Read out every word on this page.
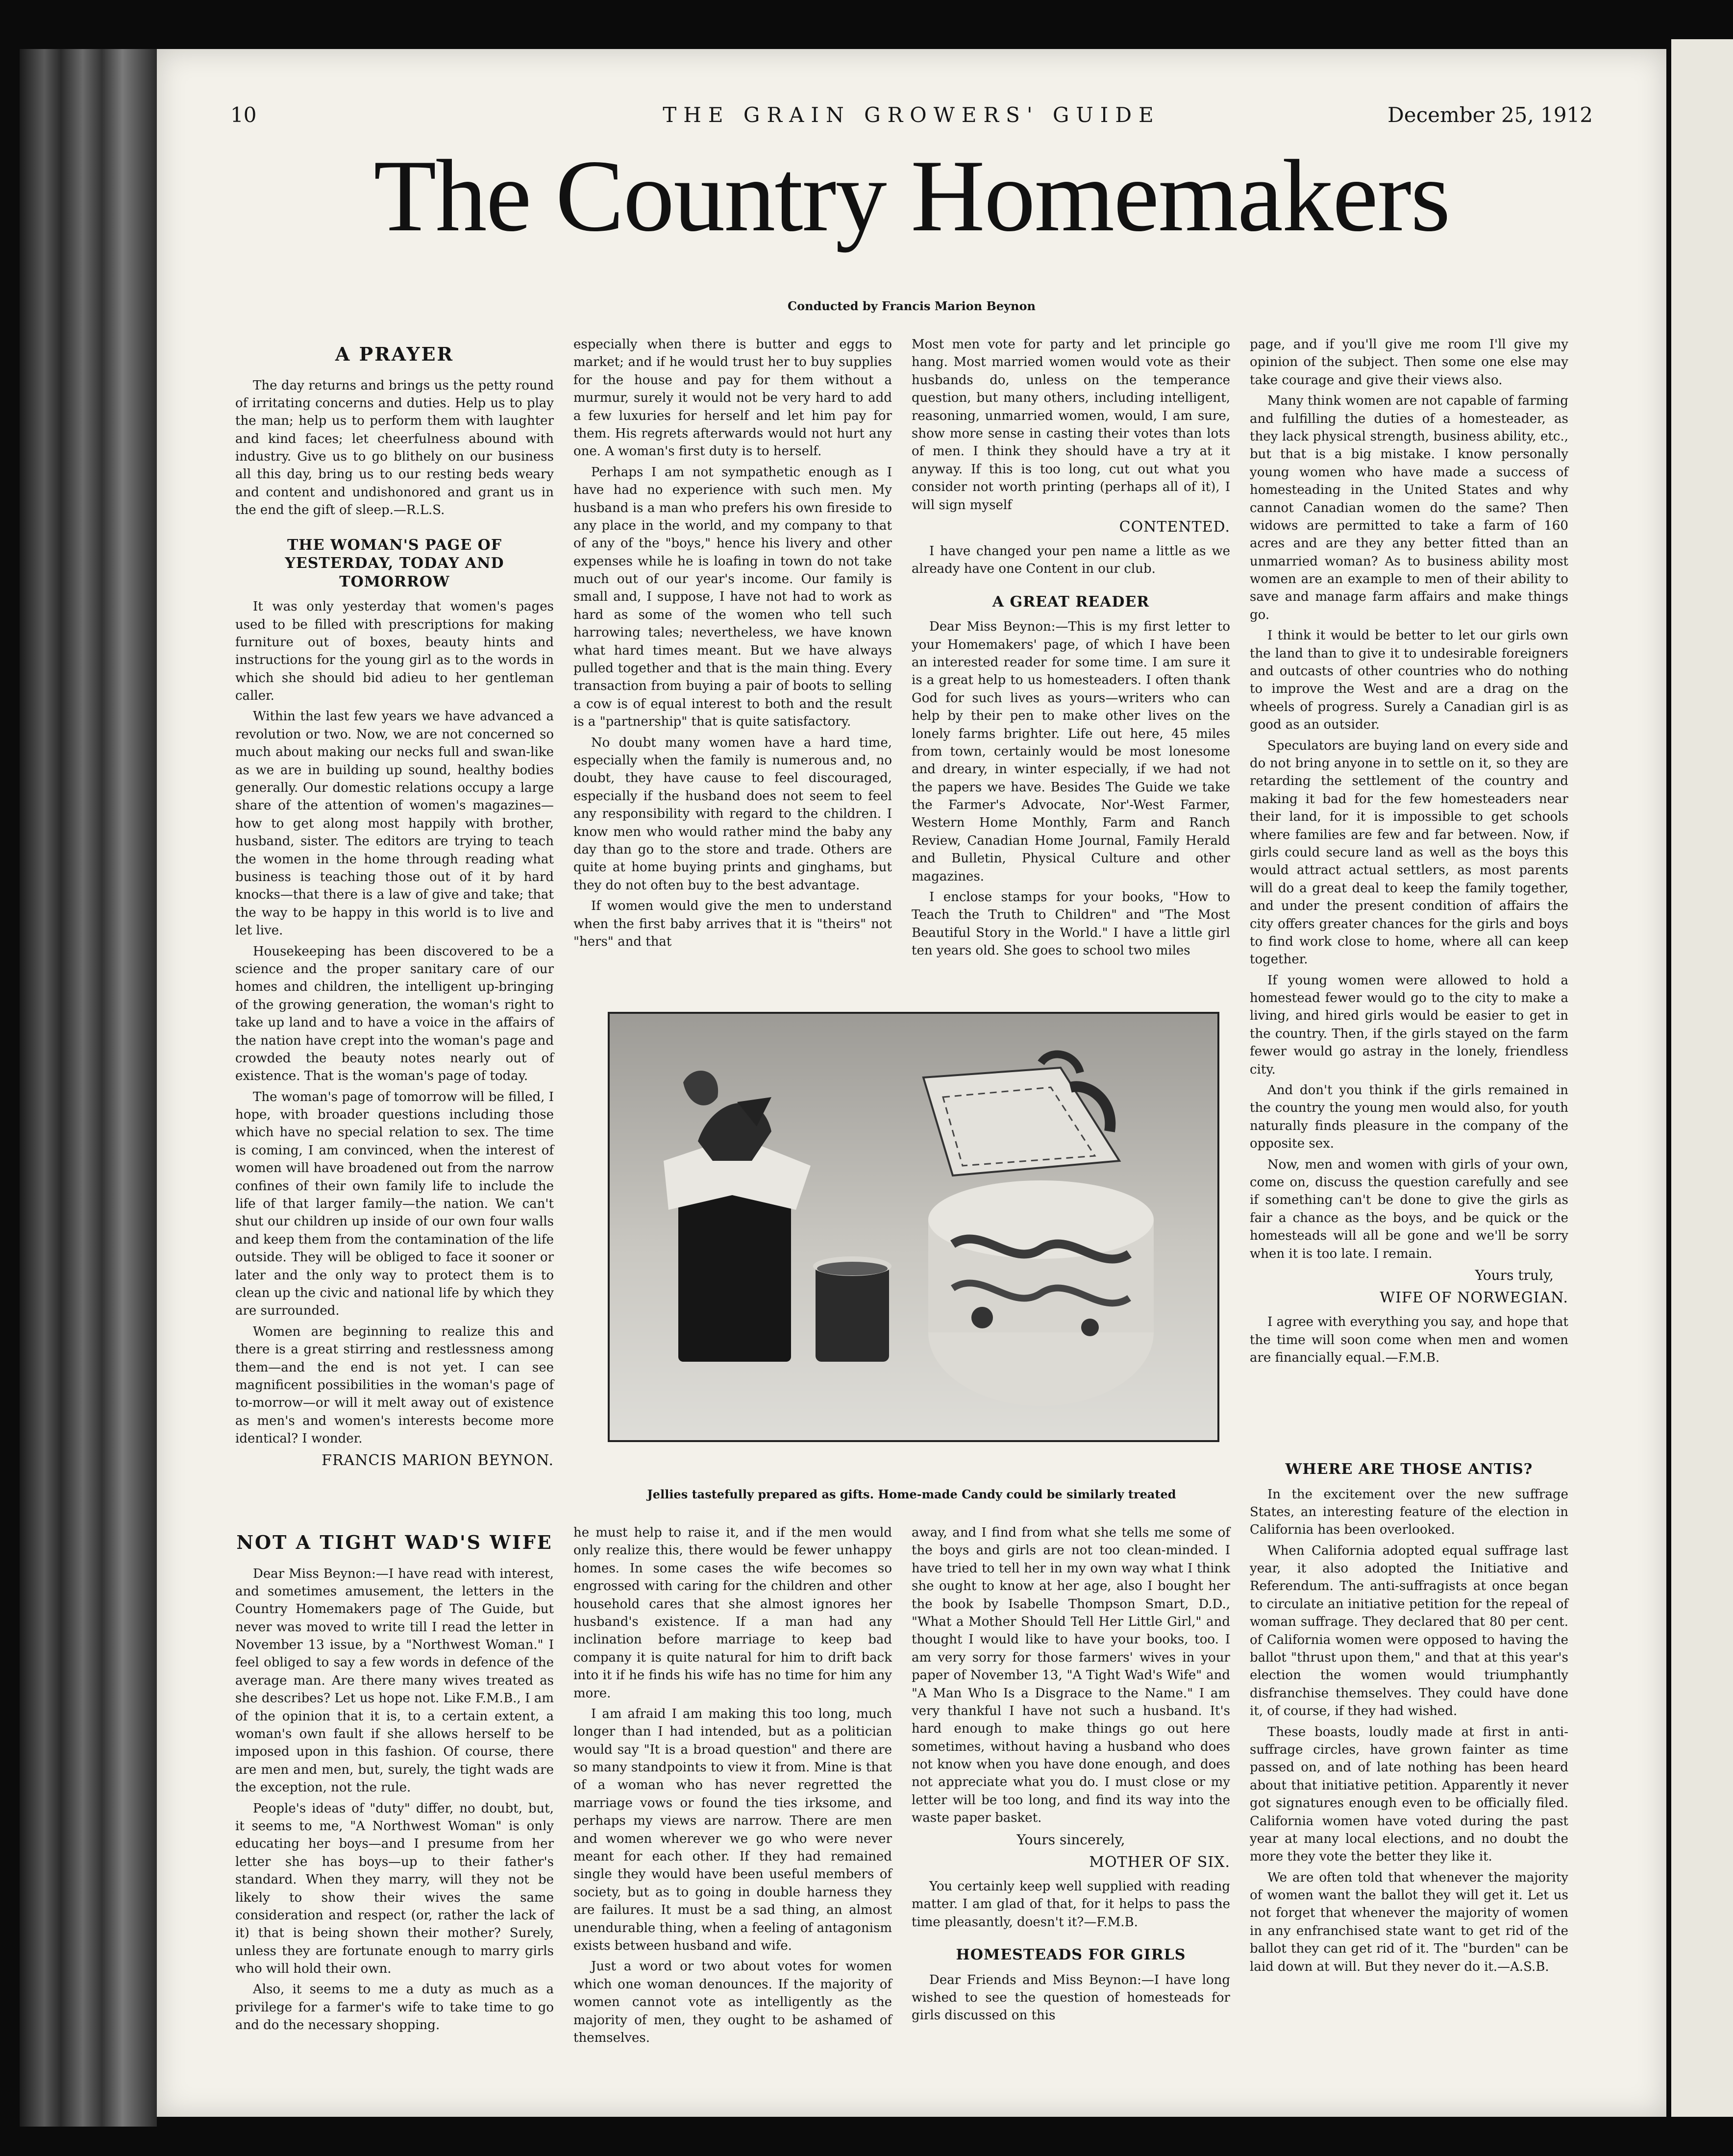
10	THE GRAIN GROWERS' GUIDE	December 25, 1912
The Country Homemakers
Conducted by Francis Marion Beynon
A PRAYER

The day returns and brings us the petty round of irritating concerns and duties. Help us to play the man; help us to perform them with laughter and kind faces; let cheerfulness abound with industry. Give us to go blithely on our business all this day, bring us to our resting beds weary and content and undishonored and grant us in the end the gift of sleep.—R.L.S.

THE WOMAN'S PAGE OF YESTERDAY, TODAY AND TOMORROW

It was only yesterday that women's pages used to be filled with prescriptions for making furniture out of boxes, beauty hints and instructions for the young girl as to the words in which she should bid adieu to her gentleman caller.

Within the last few years we have advanced a revolution or two. Now, we are not concerned so much about making our necks full and swan-like as we are in building up sound, healthy bodies generally. Our domestic relations occupy a large share of the attention of women's magazines—how to get along most happily with brother, husband, sister. The editors are trying to teach the women in the home through reading what business is teaching those out of it by hard knocks—that there is a law of give and take; that the way to be happy in this world is to live and let live.

Housekeeping has been discovered to be a science and the proper sanitary care of our homes and children, the intelligent up-bringing of the growing generation, the woman's right to take up land and to have a voice in the affairs of the nation have crept into the woman's page and crowded the beauty notes nearly out of existence. That is the woman's page of today.

The woman's page of tomorrow will be filled, I hope, with broader questions including those which have no special relation to sex. The time is coming, I am convinced, when the interest of women will have broadened out from the narrow confines of their own family life to include the life of that larger family—the nation. We can't shut our children up inside of our own four walls and keep them from the contamination of the life outside. They will be obliged to face it sooner or later and the only way to protect them is to clean up the civic and national life by which they are surrounded.

Women are beginning to realize this and there is a great stirring and restlessness among them—and the end is not yet. I can see magnificent possibilities in the woman's page of to-morrow—or will it melt away out of existence as men's and women's interests become more identical? I wonder.

FRANCIS MARION BEYNON.

especially when there is butter and eggs to market; and if he would trust her to buy supplies for the house and pay for them without a murmur, surely it would not be very hard to add a few luxuries for herself and let him pay for them. His regrets afterwards would not hurt any one. A woman's first duty is to herself.

Perhaps I am not sympathetic enough as I have had no experience with such men. My husband is a man who prefers his own fireside to any place in the world, and my company to that of any of the "boys," hence his livery and other expenses while he is loafing in town do not take much out of our year's income. Our family is small and, I suppose, I have not had to work as hard as some of the women who tell such harrowing tales; nevertheless, we have known what hard times meant. But we have always pulled together and that is the main thing. Every transaction from buying a pair of boots to selling a cow is of equal interest to both and the result is a "partnership" that is quite satisfactory.

No doubt many women have a hard time, especially when the family is numerous and, no doubt, they have cause to feel discouraged, especially if the husband does not seem to feel any responsibility with regard to the children. I know men who would rather mind the baby any day than go to the store and trade. Others are quite at home buying prints and ginghams, but they do not often buy to the best advantage.

If women would give the men to understand when the first baby arrives that it is "theirs" not "hers" and that

Most men vote for party and let principle go hang. Most married women would vote as their husbands do, unless on the temperance question, but many others, including intelligent, reasoning, unmarried women, would, I am sure, show more sense in casting their votes than lots of men. I think they should have a try at it anyway. If this is too long, cut out what you consider not worth printing (perhaps all of it), I will sign myself

CONTENTED.

I have changed your pen name a little as we already have one Content in our club.

A GREAT READER

Dear Miss Beynon:—This is my first letter to your Homemakers' page, of which I have been an interested reader for some time. I am sure it is a great help to us homesteaders. I often thank God for such lives as yours—writers who can help by their pen to make other lives on the lonely farms brighter. Life out here, 45 miles from town, certainly would be most lonesome and dreary, in winter especially, if we had not the papers we have. Besides The Guide we take the Farmer's Advocate, Nor'-West Farmer, Western Home Monthly, Farm and Ranch Review, Canadian Home Journal, Family Herald and Bulletin, Physical Culture and other magazines.

I enclose stamps for your books, "How to Teach the Truth to Children" and "The Most Beautiful Story in the World." I have a little girl ten years old. She goes to school two miles

page, and if you'll give me room I'll give my opinion of the subject. Then some one else may take courage and give their views also.

Many think women are not capable of farming and fulfilling the duties of a homesteader, as they lack physical strength, business ability, etc., but that is a big mistake. I know personally young women who have made a success of homesteading in the United States and why cannot Canadian women do the same? Then widows are permitted to take a farm of 160 acres and are they any better fitted than an unmarried woman? As to business ability most women are an example to men of their ability to save and manage farm affairs and make things go.

I think it would be better to let our girls own the land than to give it to undesirable foreigners and outcasts of other countries who do nothing to improve the West and are a drag on the wheels of progress. Surely a Canadian girl is as good as an outsider.

Speculators are buying land on every side and do not bring anyone in to settle on it, so they are retarding the settlement of the country and making it bad for the few homesteaders near their land, for it is impossible to get schools where families are few and far between. Now, if girls could secure land as well as the boys this would attract actual settlers, as most parents will do a great deal to keep the family together, and under the present condition of affairs the city offers greater chances for the girls and boys to find work close to home, where all can keep together.

If young women were allowed to hold a homestead fewer would go to the city to make a living, and hired girls would be easier to get in the country. Then, if the girls stayed on the farm fewer would go astray in the lonely, friendless city.

And don't you think if the girls remained in the country the young men would also, for youth naturally finds pleasure in the company of the opposite sex.

Now, men and women with girls of your own, come on, discuss the question carefully and see if something can't be done to give the girls as fair a chance as the boys, and be quick or the homesteads will all be gone and we'll be sorry when it is too late. I remain.

Yours truly,
WIFE OF NORWEGIAN.

I agree with everything you say, and hope that the time will soon come when men and women are financially equal.—F.M.B.

Jellies tastefully prepared as gifts. Home-made Candy could be similarly treated
NOT A TIGHT WAD'S WIFE

Dear Miss Beynon:—I have read with interest, and sometimes amusement, the letters in the Country Homemakers page of The Guide, but never was moved to write till I read the letter in November 13 issue, by a "Northwest Woman." I feel obliged to say a few words in defence of the average man. Are there many wives treated as she describes? Let us hope not. Like F.M.B., I am of the opinion that it is, to a certain extent, a woman's own fault if she allows herself to be imposed upon in this fashion. Of course, there are men and men, but, surely, the tight wads are the exception, not the rule.

People's ideas of "duty" differ, no doubt, but, it seems to me, "A Northwest Woman" is only educating her boys—and I presume from her letter she has boys—up to their father's standard. When they marry, will they not be likely to show their wives the same consideration and respect (or, rather the lack of it) that is being shown their mother? Surely, unless they are fortunate enough to marry girls who will hold their own.

Also, it seems to me a duty as much as a privilege for a farmer's wife to take time to go and do the necessary shopping.

he must help to raise it, and if the men would only realize this, there would be fewer unhappy homes. In some cases the wife becomes so engrossed with caring for the children and other household cares that she almost ignores her husband's existence. If a man had any inclination before marriage to keep bad company it is quite natural for him to drift back into it if he finds his wife has no time for him any more.

I am afraid I am making this too long, much longer than I had intended, but as a politician would say "It is a broad question" and there are so many standpoints to view it from. Mine is that of a woman who has never regretted the marriage vows or found the ties irksome, and perhaps my views are narrow. There are men and women wherever we go who were never meant for each other. If they had remained single they would have been useful members of society, but as to going in double harness they are failures. It must be a sad thing, an almost unendurable thing, when a feeling of antagonism exists between husband and wife.

Just a word or two about votes for women which one woman denounces. If the majority of women cannot vote as intelligently as the majority of men, they ought to be ashamed of themselves.

away, and I find from what she tells me some of the boys and girls are not too clean-minded. I have tried to tell her in my own way what I think she ought to know at her age, also I bought her the book by Isabelle Thompson Smart, D.D., "What a Mother Should Tell Her Little Girl," and thought I would like to have your books, too. I am very sorry for those farmers' wives in your paper of November 13, "A Tight Wad's Wife" and "A Man Who Is a Disgrace to the Name." I am very thankful I have not such a husband. It's hard enough to make things go out here sometimes, without having a husband who does not know when you have done enough, and does not appreciate what you do. I must close or my letter will be too long, and find its way into the waste paper basket.

Yours sincerely,
MOTHER OF SIX.

You certainly keep well supplied with reading matter. I am glad of that, for it helps to pass the time pleasantly, doesn't it?—F.M.B.

HOMESTEADS FOR GIRLS

Dear Friends and Miss Beynon:—I have long wished to see the question of homesteads for girls discussed on this

WHERE ARE THOSE ANTIS?

In the excitement over the new suffrage States, an interesting feature of the election in California has been overlooked.

When California adopted equal suffrage last year, it also adopted the Initiative and Referendum. The anti-suffragists at once began to circulate an initiative petition for the repeal of woman suffrage. They declared that 80 per cent. of California women were opposed to having the ballot "thrust upon them," and that at this year's election the women would triumphantly disfranchise themselves. They could have done it, of course, if they had wished.

These boasts, loudly made at first in anti-suffrage circles, have grown fainter as time passed on, and of late nothing has been heard about that initiative petition. Apparently it never got signatures enough even to be officially filed. California women have voted during the past year at many local elections, and no doubt the more they vote the better they like it.

We are often told that whenever the majority of women want the ballot they will get it. Let us not forget that whenever the majority of women in any enfranchised state want to get rid of the ballot they can get rid of it. The "burden" can be laid down at will. But they never do it.—A.S.B.
